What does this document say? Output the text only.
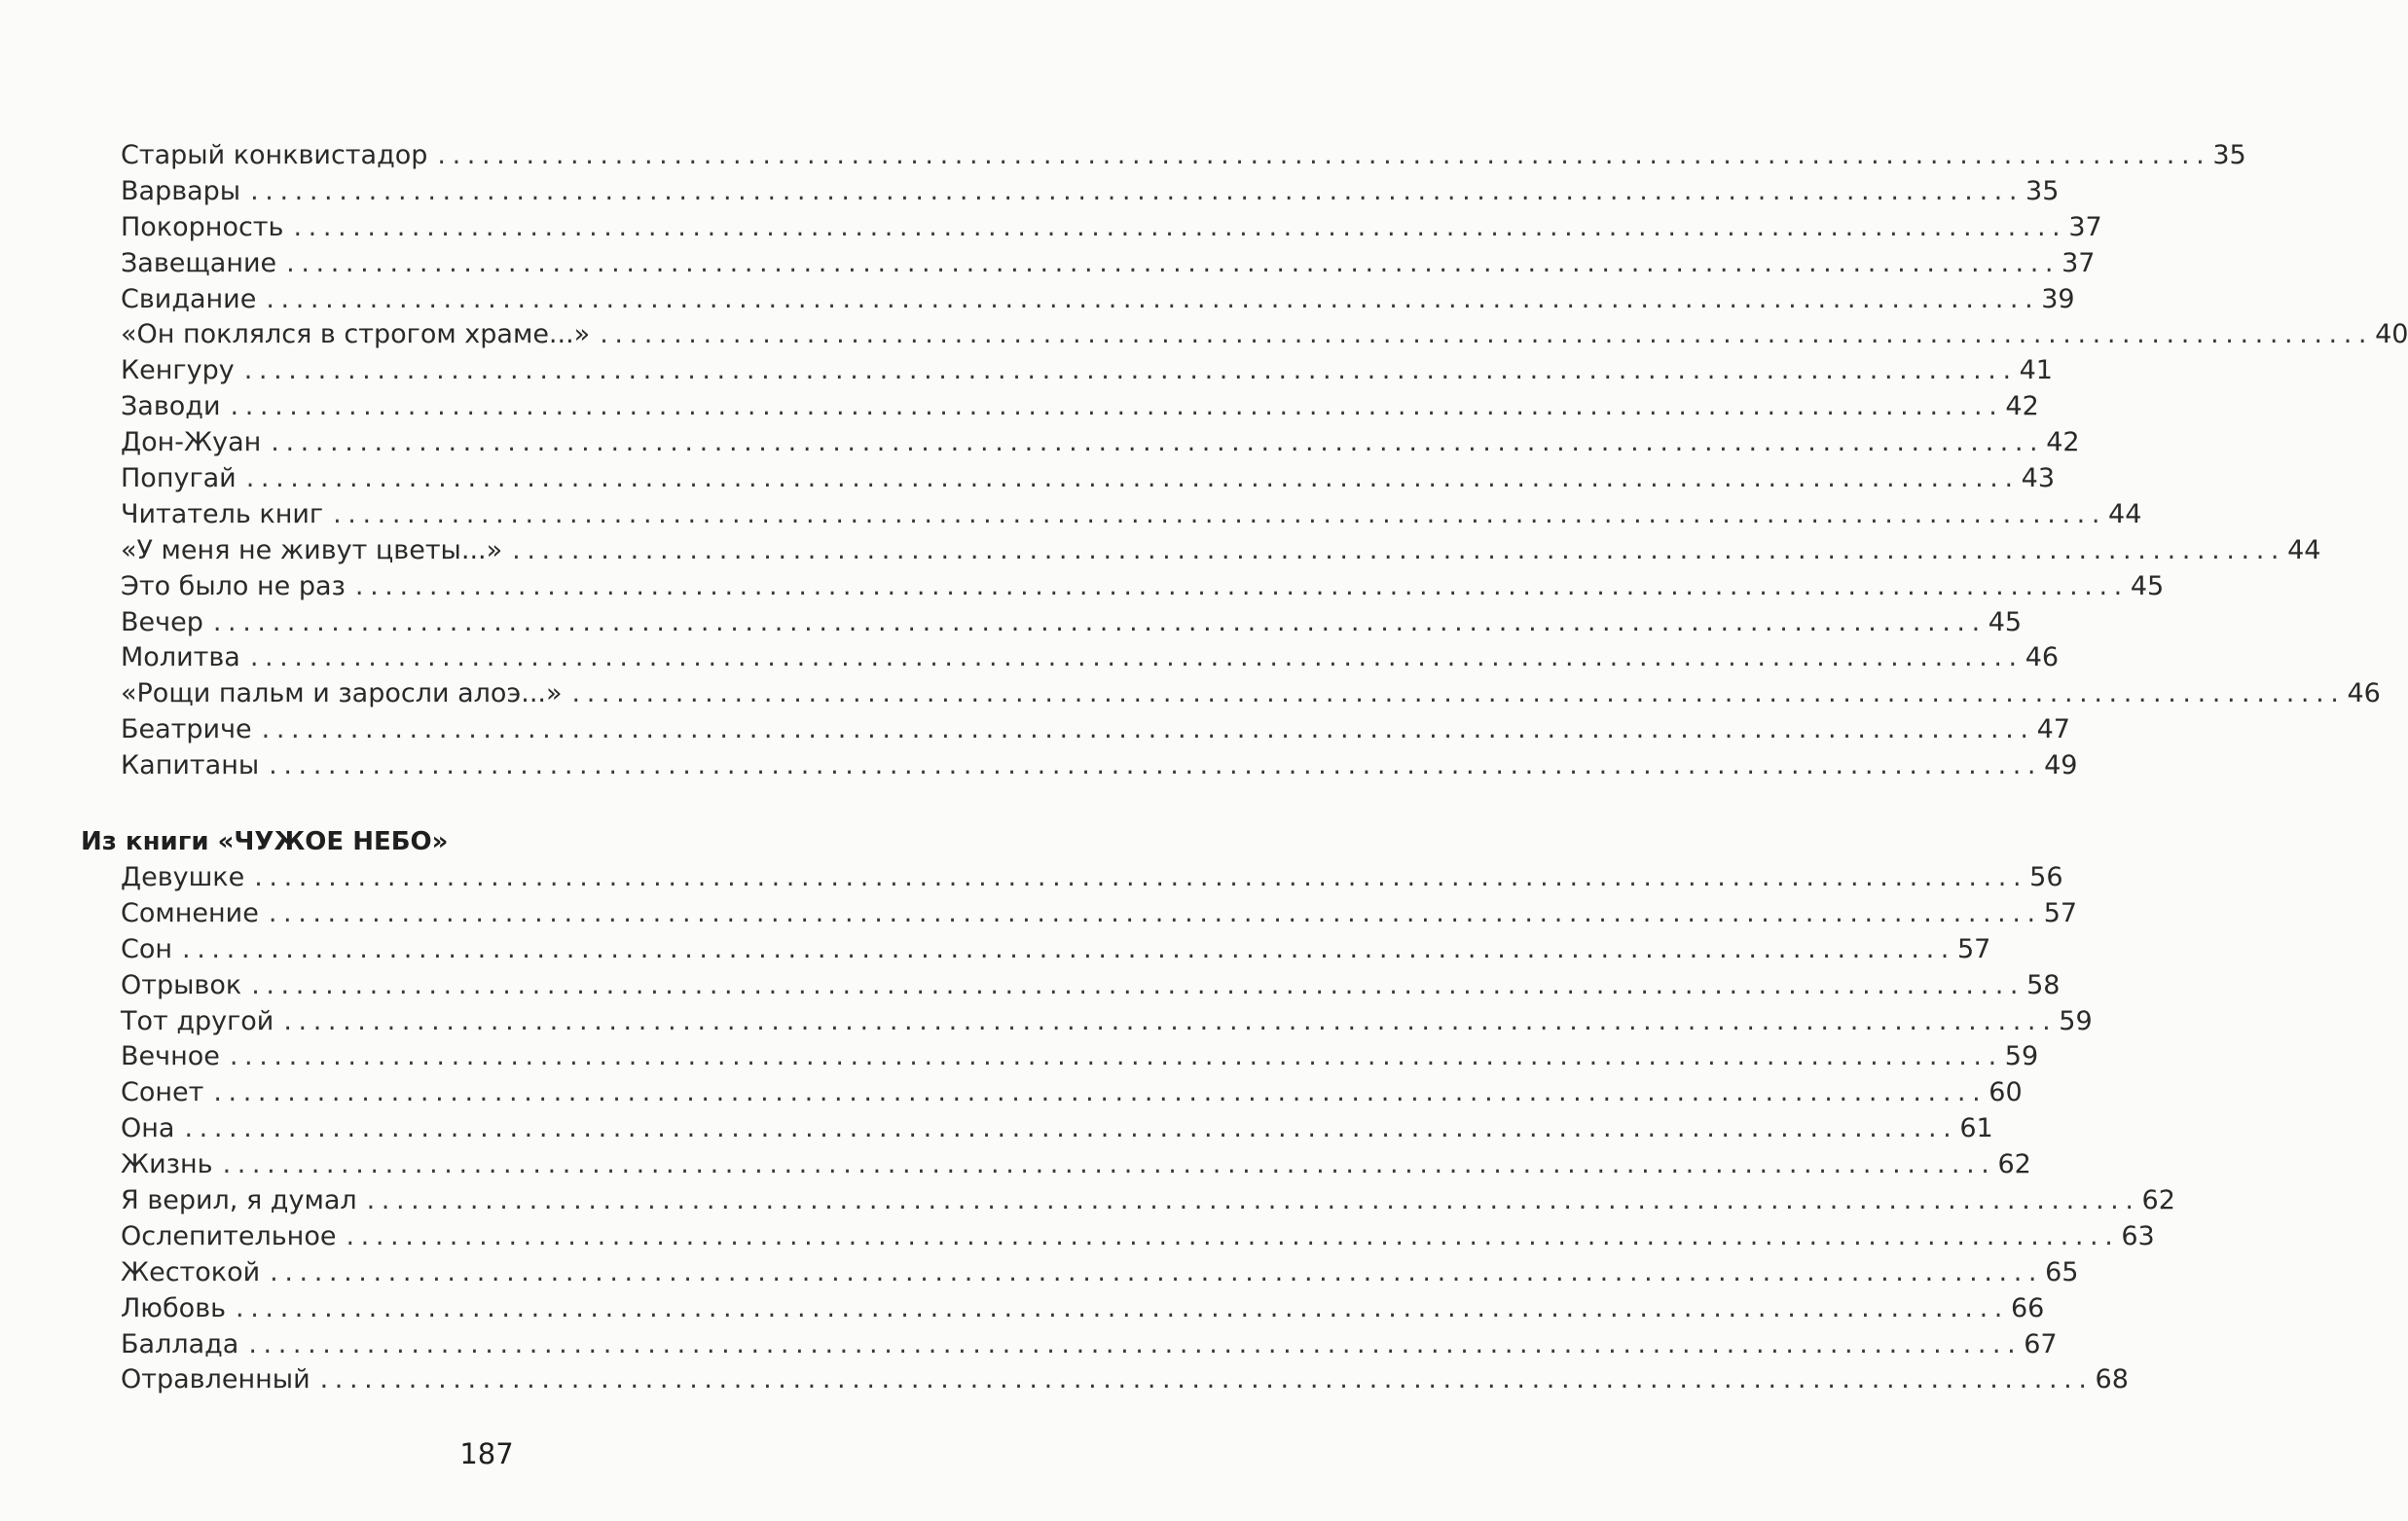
Старый конквистадор ........................................................................................................................ 35
Варвары ........................................................................................................................ 35
Покорность ........................................................................................................................ 37
Завещание ........................................................................................................................ 37
Свидание ........................................................................................................................ 39
«Он поклялся в строгом храме...» ........................................................................................................................ 40
Кенгуру ........................................................................................................................ 41
Заводи ........................................................................................................................ 42
Дон-Жуан ........................................................................................................................ 42
Попугай ........................................................................................................................ 43
Читатель книг ........................................................................................................................ 44
«У меня не живут цветы...» ........................................................................................................................ 44
Это было не раз ........................................................................................................................ 45
Вечер ........................................................................................................................ 45
Молитва ........................................................................................................................ 46
«Рощи пальм и заросли алоэ...» ........................................................................................................................ 46
Беатриче ........................................................................................................................ 47
Капитаны ........................................................................................................................ 49
Из книги «ЧУЖОЕ НЕБО»
Девушке ........................................................................................................................ 56
Сомнение ........................................................................................................................ 57
Сон ........................................................................................................................ 57
Отрывок ........................................................................................................................ 58
Тот другой ........................................................................................................................ 59
Вечное ........................................................................................................................ 59
Сонет ........................................................................................................................ 60
Она ........................................................................................................................ 61
Жизнь ........................................................................................................................ 62
Я верил, я думал ........................................................................................................................ 62
Ослепительное ........................................................................................................................ 63
Жестокой ........................................................................................................................ 65
Любовь ........................................................................................................................ 66
Баллада ........................................................................................................................ 67
Отравленный ........................................................................................................................ 68
187
